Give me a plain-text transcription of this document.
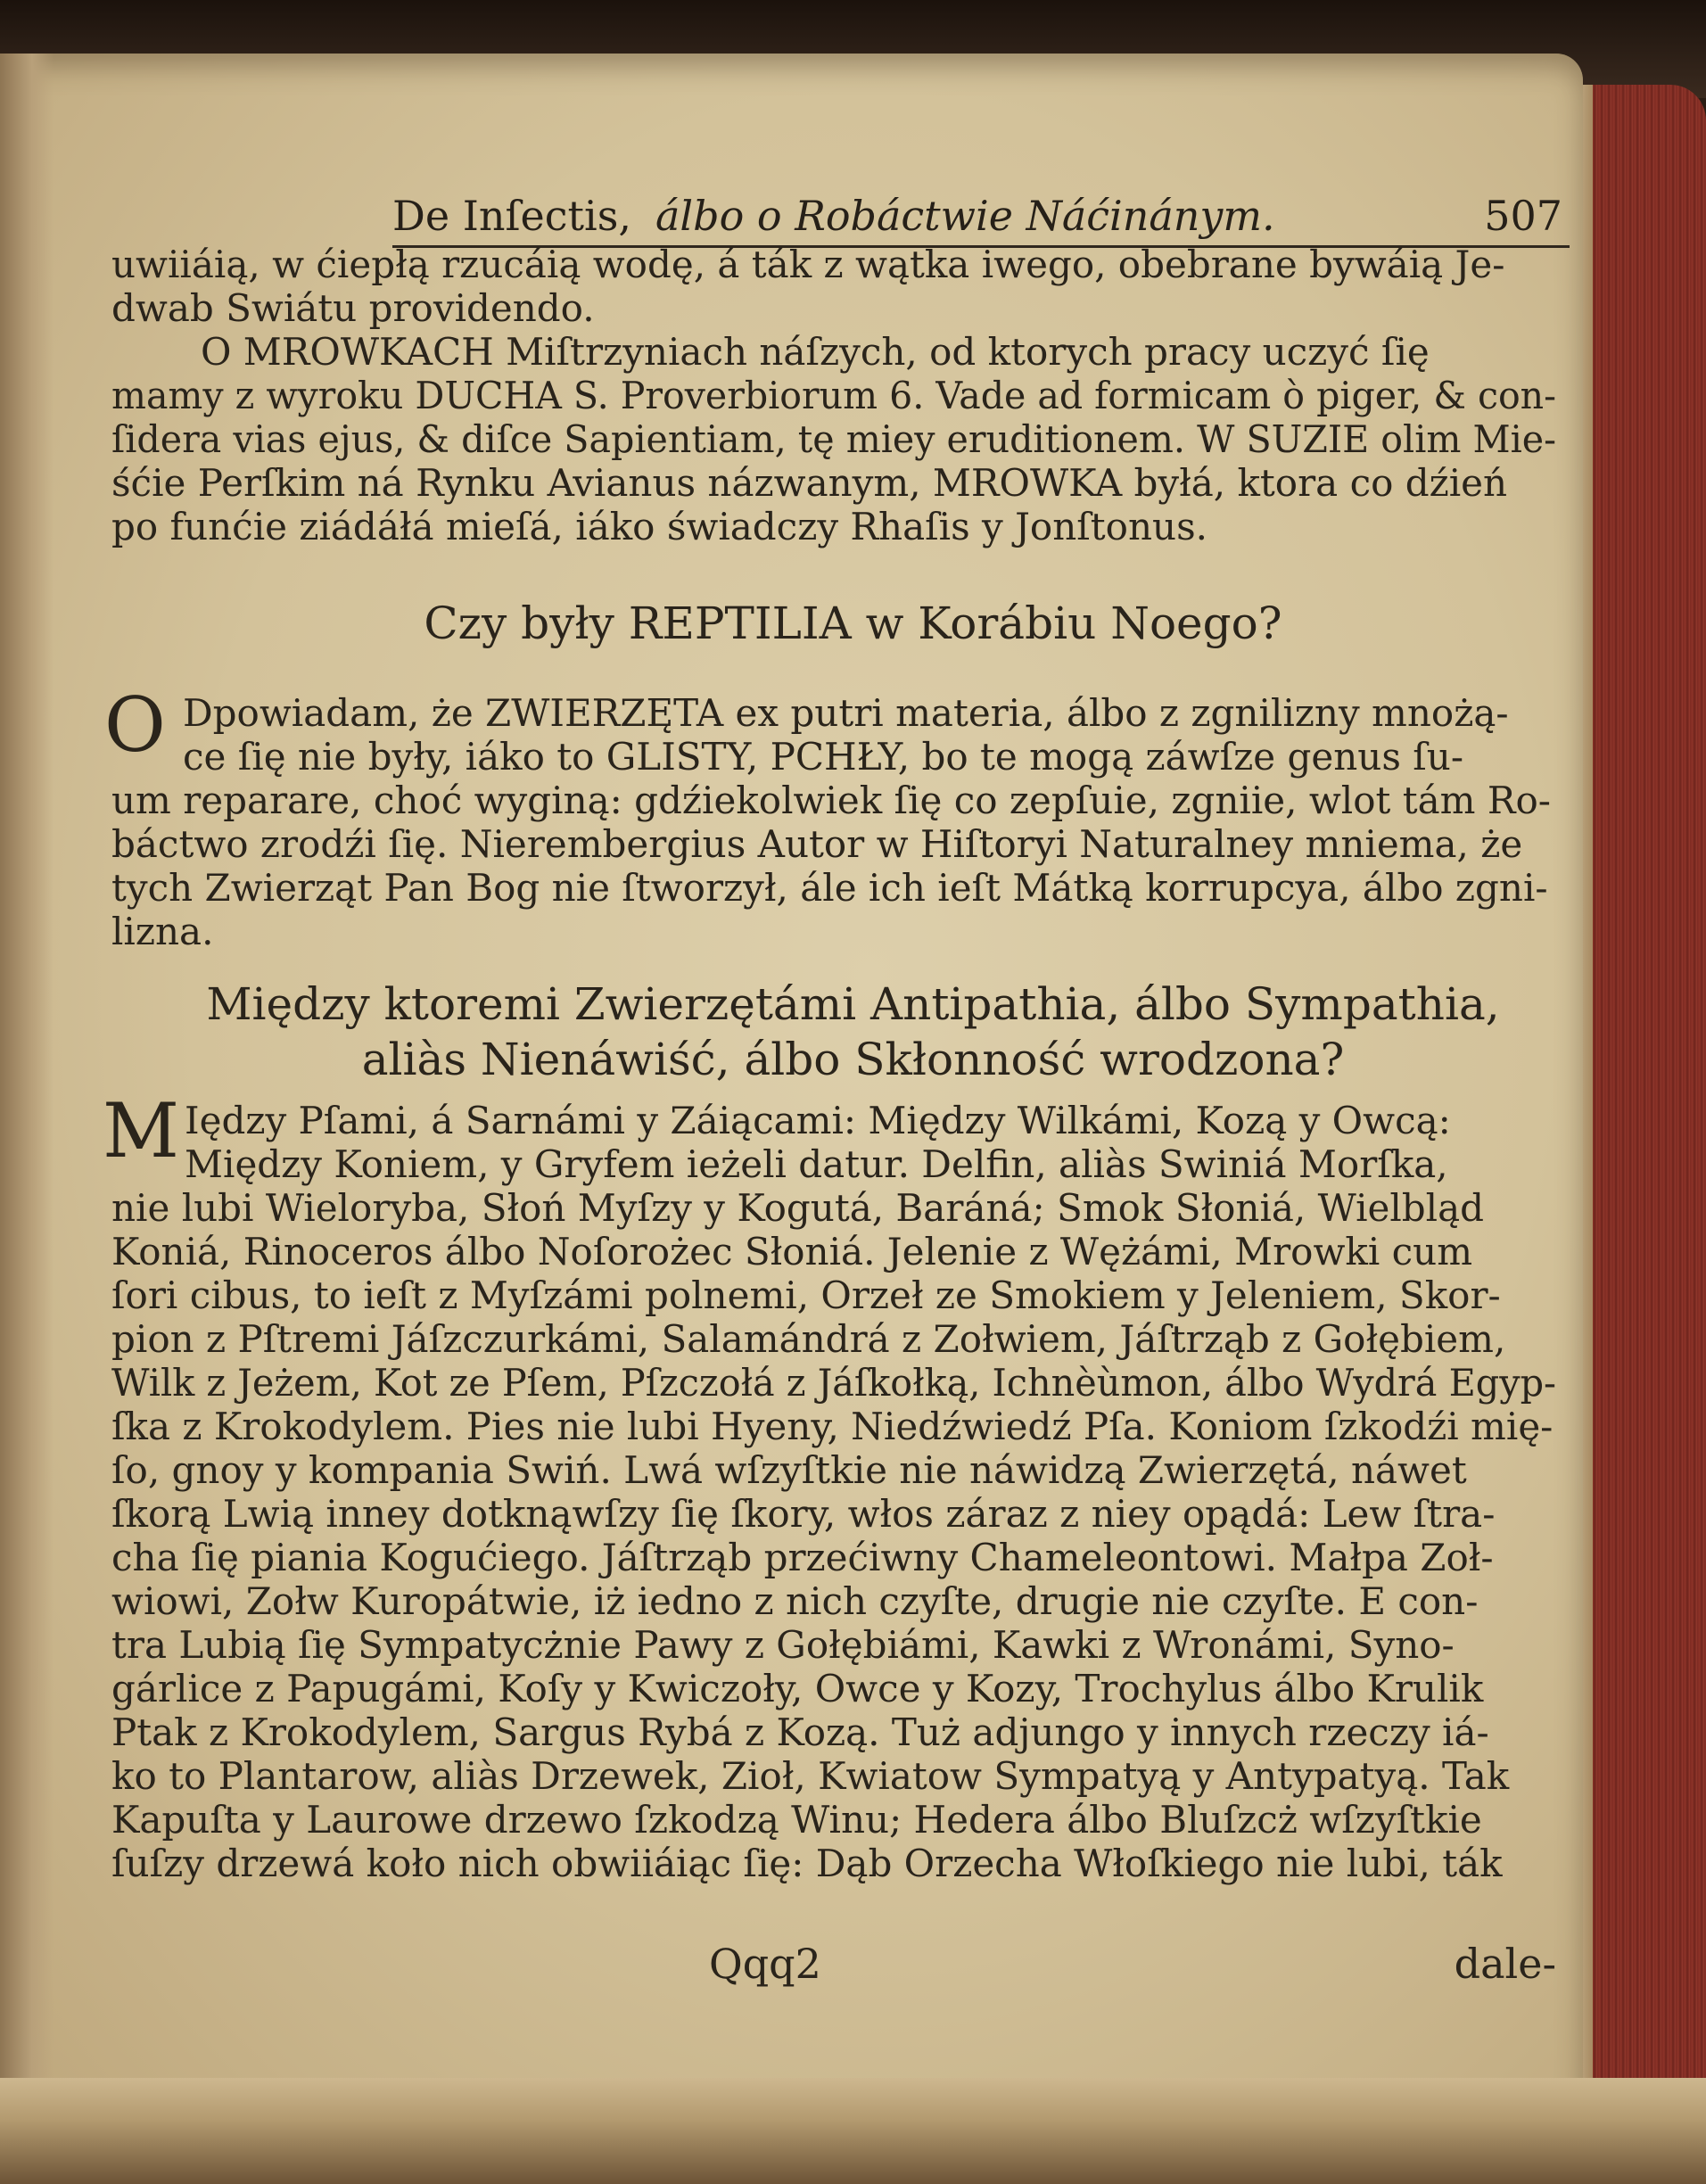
De Inſectis, álbo o Robáctwie Náćinánym.	507
uwiiáią, w ćiepłą rzucáią wodę, á ták z wątka iwego, obebrane bywáią Je-
dwab Swiátu providendo.
O MROWKACH Miſtrzyniach náſzych, od ktorych pracy uczyć ſię
mamy z wyroku DUCHA S. Proverbiorum 6. Vade ad formicam ò piger, & con-
ſidera vias ejus, & diſce Sapientiam, tę miey eruditionem. W SUZIE olim Mie-
śćie Perſkim ná Rynku Avianus názwanym, MROWKA byłá, ktora co dźień
po funćie ziádáłá mieſá, iáko świadczy Rhaſis y Jonſtonus.
Czy były REPTILIA w Korábiu Noego?
O Dpowiadam, że ZWIERZĘTA ex putri materia, álbo z zgnilizny mnożą-
ce ſię nie były, iáko to GLISTY, PCHŁY, bo te mogą záwſze genus ſu-
um reparare, choć wyginą: gdźiekolwiek ſię co zepſuie, zgniie, wlot tám Ro-
báctwo zrodźi ſię. Nierembergius Autor w Hiſtoryi Naturalney mniema, że
tych Zwierząt Pan Bog nie ſtworzył, ále ich ieſt Mátką korrupcya, álbo zgni-
lizna.
Między ktoremi Zwierzętámi Antipathia, álbo Sympathia,
aliàs Nienáwiść, álbo Skłonność wrodzona?
M Iędzy Pſami, á Sarnámi y Záiącami: Między Wilkámi, Kozą y Owcą:
Między Koniem, y Gryfem ieżeli datur. Delfin, aliàs Swiniá Morſka,
nie lubi Wieloryba, Słoń Myſzy y Kogutá, Baráná; Smok Słoniá, Wielbląd
Koniá, Rinoceros álbo Noſorożec Słoniá. Jelenie z Wężámi, Mrowki cum
ſori cibus, to ieſt z Myſzámi polnemi, Orzeł ze Smokiem y Jeleniem, Skor-
pion z Pſtremi Jáſzczurkámi, Salamándrá z Zołwiem, Jáſtrząb z Gołębiem,
Wilk z Jeżem, Kot ze Pſem, Pſzczołá z Jáſkołką, Ichnèùmon, álbo Wydrá Egyp-
ſka z Krokodylem. Pies nie lubi Hyeny, Niedźwiedź Pſa. Koniom ſzkodźi mię-
ſo, gnoy y kompania Swiń. Lwá wſzyſtkie nie náwidzą Zwierzętá, náwet
ſkorą Lwią inney dotknąwſzy ſię ſkory, włos záraz z niey opądá: Lew ſtra-
cha ſię piania Kogućiego. Jáſtrząb przećiwny Chameleontowi. Małpa Zoł-
wiowi, Zołw Kuropátwie, iż iedno z nich czyſte, drugie nie czyſte. E con-
tra Lubią ſię Sympatycżnie Pawy z Gołębiámi, Kawki z Wronámi, Syno-
gárlice z Papugámi, Koſy y Kwiczoły, Owce y Kozy, Trochylus álbo Krulik
Ptak z Krokodylem, Sargus Rybá z Kozą. Tuż adjungo y innych rzeczy iá-
ko to Plantarow, aliàs Drzewek, Zioł, Kwiatow Sympatyą y Antypatyą. Tak
Kapuſta y Laurowe drzewo ſzkodzą Winu; Hedera álbo Bluſzcż wſzyſtkie
ſuſzy drzewá koło nich obwiiáiąc ſię: Dąb Orzecha Włoſkiego nie lubi, ták
Qqq2	dale-
